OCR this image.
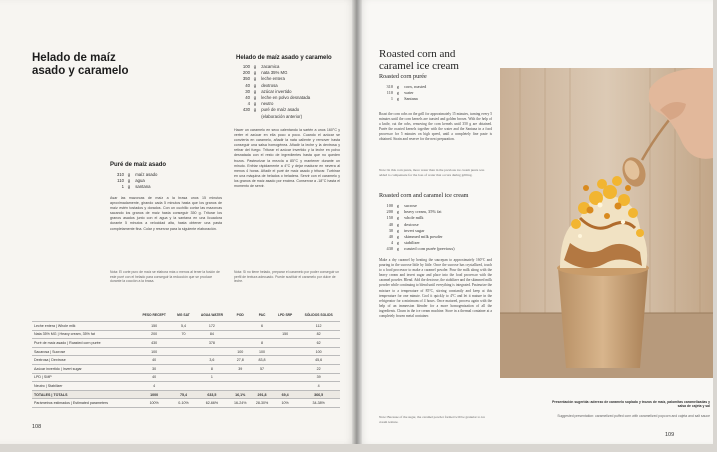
Helado de maíz asado y caramelo
Helado de maíz asado y caramelo
100 g zacamica
200 g nata 35% MG
350 g leche entera
40 g dextrosa
30 g azúcar invertido
40 g leche en polvo desnatada
4 g neutro
430 g puré de maíz asado
(elaboración anterior)
Puré de maíz asado
310 g maíz asado
110 g agua
1 g santana
Asar las mazorcas de maíz a la brasa unos 15 minutos aproximadamente, girando cada 5 minutos hasta que los granos de maíz estén tostados y dorados. Con un cuchillo cortar las mazorcas sacando los granos de maíz hasta conseguir 350 g. Triturar los granos asados junto con el agua y la santana en una licuadora durante 5 minutos a velocidad alta, hasta obtener una pasta completamente fina. Colar y reservar para la siguiente elaboración.
Nota: El corte puro de maíz se elabora más o menos al tener la fusión de este puré con el helado para conseguir la reducción que se produce durante la cocción a la brasa.
Hacer un caramelo en seco calentando la sartén a unos 160°C y verter el azúcar en ella poco a poco. Cuando el azúcar se convierta en caramelo, añadir la nata caliente y remover hasta conseguir una salsa homogénea. Añadir la leche y la dextrosa y retirar del fuego. Triturar el azúcar invertido y la leche en polvo desnatada con el resto de ingredientes hasta que no queden trozos. Pasteurizar la mezcla a 85°C y mantener durante un minuto. Enfriar rápidamente a 4°C y dejar madurar en nevera al menos 4 horas. Añadir el puré de maíz asado y triturar. Turbinar en una máquina de helados o heladera. Servir con el caramelo y los granos de maíz asado por encima. Conservar a -18°C hasta el momento de servir.
Nota: Si no tiene helado, preparar el caramelo por poder conseguir un perfil de textura adecuado. Puede sustituir el caramelo por dulce de leche.
	PESO RECEPT	MG SAT	AGUA WATER	POD	PAC	LPD SRP	SÓLIDOS SOLIDS
Leche entera | Whole milk	150	5,4	172		6		112
Nata 35% MG | Heavy cream, 35% fat	200	70	84			150	82
Puré de maíz asado | Roasted corn purée	430		378		8		62
Sacarosa | Sucrose	100			100	100		100
Dextrosa | Dextrose	40		3,6	27,8	83,8		45,6
Azúcar invertido | Invert sugar	30		8	39	57		22
LPD | SMP	40		1				39
Neutro | Stabilizer	4						4
TOTALES | TOTALS	1000	75,4	633,5	16,1%	291,8	69,4	366,5
Parámetros estimados | Estimated parameters	100%	0-10%	62-66%	16-24%	28-30%	10%	34-38%
108
Roasted corn and caramel ice cream
Roasted corn purée
310 g corn, roasted
110 g water
1 g Santana
Roast the corn cobs on the grill for approximately 15 minutes, turning every 5 minutes until the corn kernels are toasted and golden brown. With the help of a knife, cut the cobs, removing the corn kernels until 350 g are obtained. Purée the roasted kernels together with the water and the Santana in a food processor for 5 minutes on high speed, until a completely fine paste is obtained. Strain and reserve for the next preparation.
Note: In this corn purée, more water than in the previous ice cream purée was added to compensate for the loss of water that occurs during grilling.
Roasted corn and caramel ice cream
100 g sucrose
200 g heavy cream, 35% fat
150 g whole milk
40 g dextrose
30 g invert sugar
40 g skimmed milk powder
4 g stabilizer
430 g roasted corn purée (previous)
Make a dry caramel by heating the saucepan to approximately 160°C and pouring in the sucrose little by little. Once the sucrose has crystallized, touch to a food processor to make a caramel powder. Pour the milk along with the heavy cream and invert sugar and place into the food processor with the caramel powder. Blend. Add the dextrose, the stabilizer and the skimmed milk powder while continuing to blend until everything is integrated. Pasteurize the mixture to a temperature of 85°C, stirring constantly and keep at this temperature for one minute. Cool it quickly to 4°C and let it mature in the refrigerator for a minimum of 4 hours. Once matured, process again with the help of an immersion blender for a more homogenization of all the ingredients. Churn in the ice cream machine. Store in a thermal container at a completely frozen metal container.
Note: Because of the sugar, the caramel powder formed will be granular to ice cream texture.
Presentación sugerida: aderezo de caramelo soplado y trozos de maíz, palomitas caramelizadas y salsa de cajeta y sal
Suggested presentation: caramelized puffed corn with caramelized popcorn and cajeta and salt sauce
109
